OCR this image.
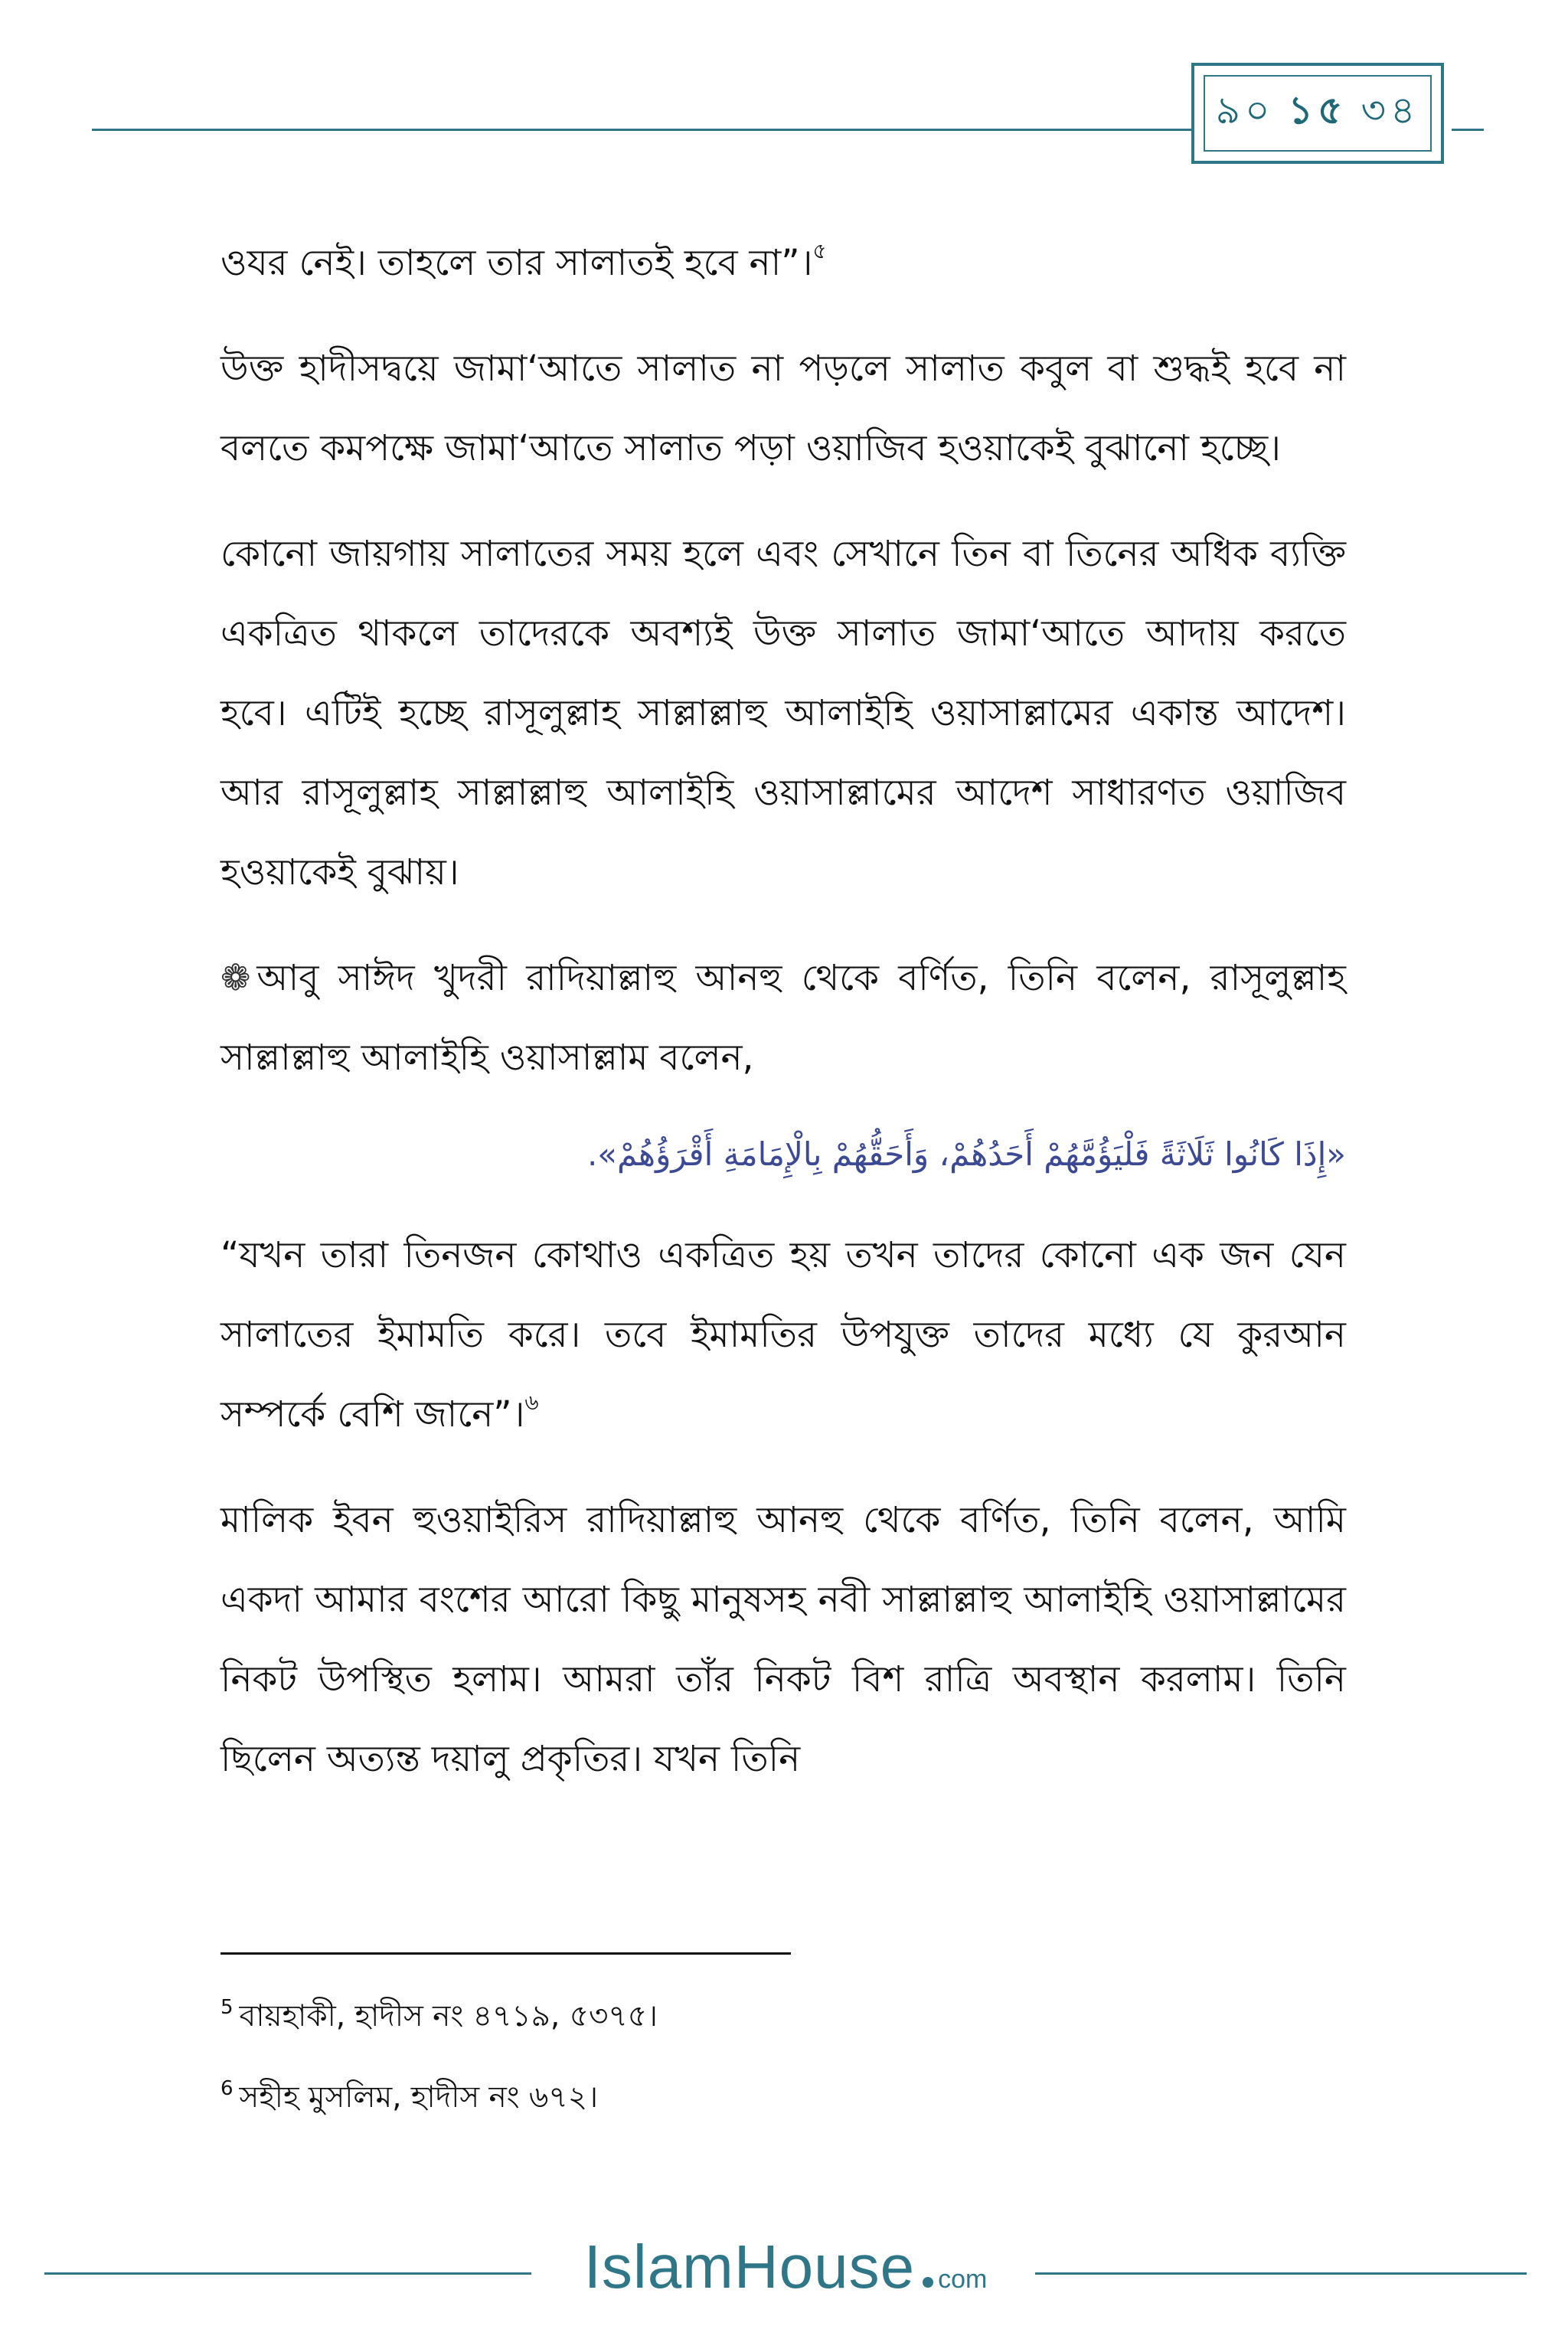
৯০ ১৫ ৩৪

ওযর নেই। তাহলে তার সালাতই হবে না”।$^৫$

উক্ত হাদীসদ্বয়ে জামা‘আতে সালাত না পড়লে সালাত কবুল বা শুদ্ধই হবে না বলতে কমপক্ষে জামা‘আতে সালাত পড়া ওয়াজিব হওয়াকেই বুঝানো হচ্ছে।

কোনো জায়গায় সালাতের সময় হলে এবং সেখানে তিন বা তিনের অধিক ব্যক্তি একত্রিত থাকলে তাদেরকে অবশ্যই উক্ত সালাত জামা‘আতে আদায় করতে হবে। এটিই হচ্ছে রাসূলুল্লাহ সাল্লাল্লাহু আলাইহি ওয়াসাল্লামের একান্ত আদেশ। আর রাসূলুল্লাহ সাল্লাল্লাহু আলাইহি ওয়াসাল্লামের আদেশ সাধারণত ওয়াজিব হওয়াকেই বুঝায়।

❁ আবু সাঈদ খুদরী রাদিয়াল্লাহু আনহু থেকে বর্ণিত, তিনি বলেন, রাসূলুল্লাহ সাল্লাল্লাহু আলাইহি ওয়াসাল্লাম বলেন,

«إِذَا كَانُوا ثَلَاثَةً فَلْيَؤُمَّهُمْ أَحَدُهُمْ، وَأَحَقُّهُمْ بِالْإِمَامَةِ أَقْرَؤُهُمْ».

“যখন তারা তিনজন কোথাও একত্রিত হয় তখন তাদের কোনো এক জন যেন সালাতের ইমামতি করে। তবে ইমামতির উপযুক্ত তাদের মধ্যে যে কুরআন সম্পর্কে বেশি জানে”।$^৬$

মালিক ইবন হুওয়াইরিস রাদিয়াল্লাহু আনহু থেকে বর্ণিত, তিনি বলেন, আমি একদা আমার বংশের আরো কিছু মানুষসহ নবী সাল্লাল্লাহু আলাইহি ওয়াসাল্লামের নিকট উপস্থিত হলাম। আমরা তাঁর নিকট বিশ রাত্রি অবস্থান করলাম। তিনি ছিলেন অত্যন্ত দয়ালু প্রকৃতির। যখন তিনি

$^5$ বায়হাকী, হাদীস নং ৪৭১৯, ৫৩৭৫।

$^6$ সহীহ মুসলিম, হাদীস নং ৬৭২।

IslamHouse com
